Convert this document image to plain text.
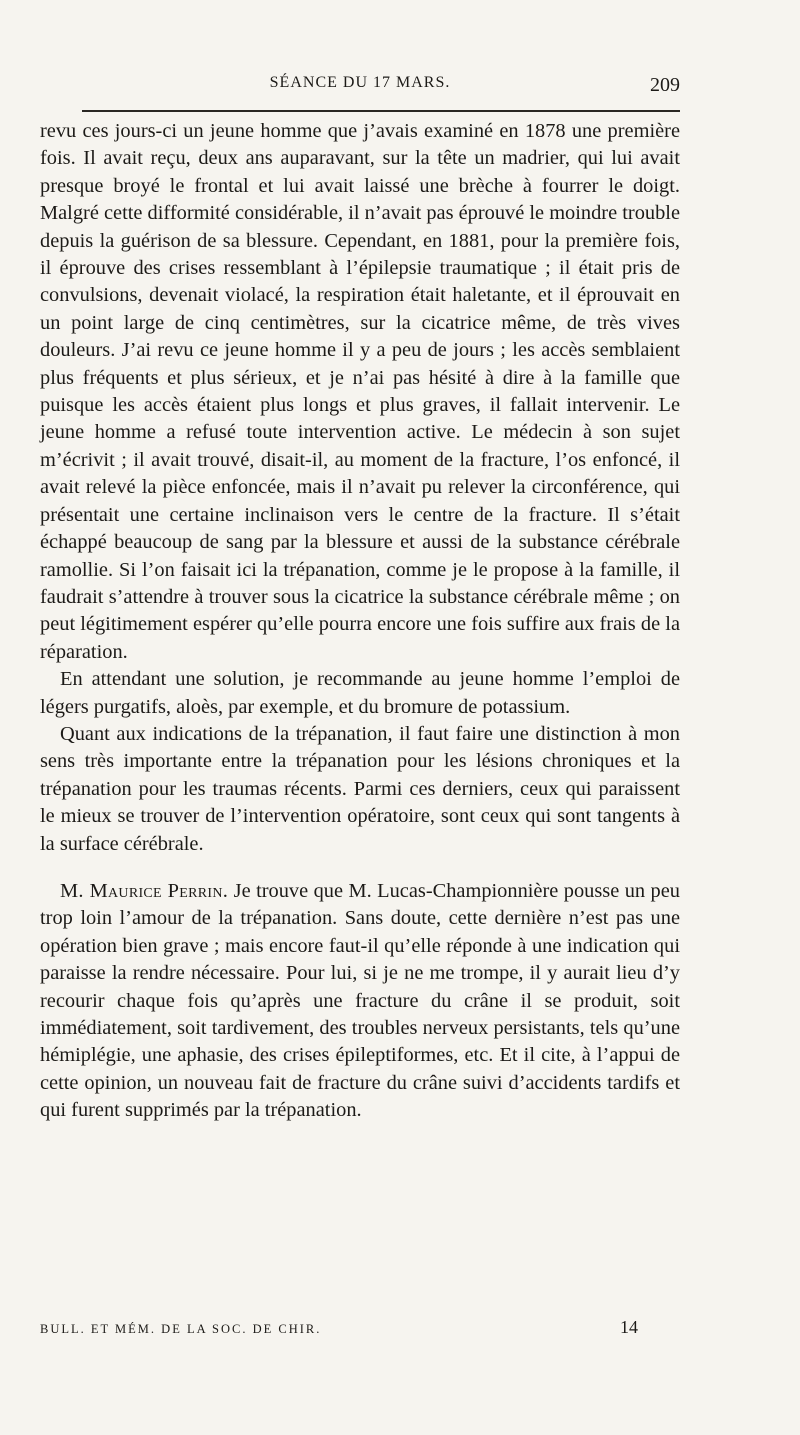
SÉANCE DU 17 MARS.	209

revu ces jours-ci un jeune homme que j’avais examiné en 1878 une première fois. Il avait reçu, deux ans auparavant, sur la tête un madrier, qui lui avait presque broyé le frontal et lui avait laissé une brèche à fourrer le doigt. Malgré cette difformité considérable, il n’avait pas éprouvé le moindre trouble depuis la guérison de sa blessure. Cependant, en 1881, pour la première fois, il éprouve des crises ressemblant à l’épilepsie traumatique ; il était pris de convulsions, devenait violacé, la respiration était haletante, et il éprouvait en un point large de cinq centimètres, sur la cicatrice même, de très vives douleurs. J’ai revu ce jeune homme il y a peu de jours ; les accès semblaient plus fréquents et plus sérieux, et je n’ai pas hésité à dire à la famille que puisque les accès étaient plus longs et plus graves, il fallait intervenir. Le jeune homme a refusé toute intervention active. Le médecin à son sujet m’écrivit ; il avait trouvé, disait-il, au moment de la fracture, l’os enfoncé, il avait relevé la pièce enfoncée, mais il n’avait pu relever la circonférence, qui présentait une certaine inclinaison vers le centre de la fracture. Il s’était échappé beaucoup de sang par la blessure et aussi de la substance cérébrale ramollie. Si l’on faisait ici la trépanation, comme je le propose à la famille, il faudrait s’attendre à trouver sous la cicatrice la substance cérébrale même ; on peut légitimement espérer qu’elle pourra encore une fois suffire aux frais de la réparation.

En attendant une solution, je recommande au jeune homme l’emploi de légers purgatifs, aloès, par exemple, et du bromure de potassium.

Quant aux indications de la trépanation, il faut faire une distinction à mon sens très importante entre la trépanation pour les lésions chroniques et la trépanation pour les traumas récents. Parmi ces derniers, ceux qui paraissent le mieux se trouver de l’intervention opératoire, sont ceux qui sont tangents à la surface cérébrale.

M. Maurice Perrin. Je trouve que M. Lucas-Championnière pousse un peu trop loin l’amour de la trépanation. Sans doute, cette dernière n’est pas une opération bien grave ; mais encore faut-il qu’elle réponde à une indication qui paraisse la rendre nécessaire. Pour lui, si je ne me trompe, il y aurait lieu d’y recourir chaque fois qu’après une fracture du crâne il se produit, soit immédiatement, soit tardivement, des troubles nerveux persistants, tels qu’une hémiplégie, une aphasie, des crises épileptiformes, etc. Et il cite, à l’appui de cette opinion, un nouveau fait de fracture du crâne suivi d’accidents tardifs et qui furent supprimés par la trépanation.

BULL. ET MÉM. DE LA SOC. DE CHIR.	14
